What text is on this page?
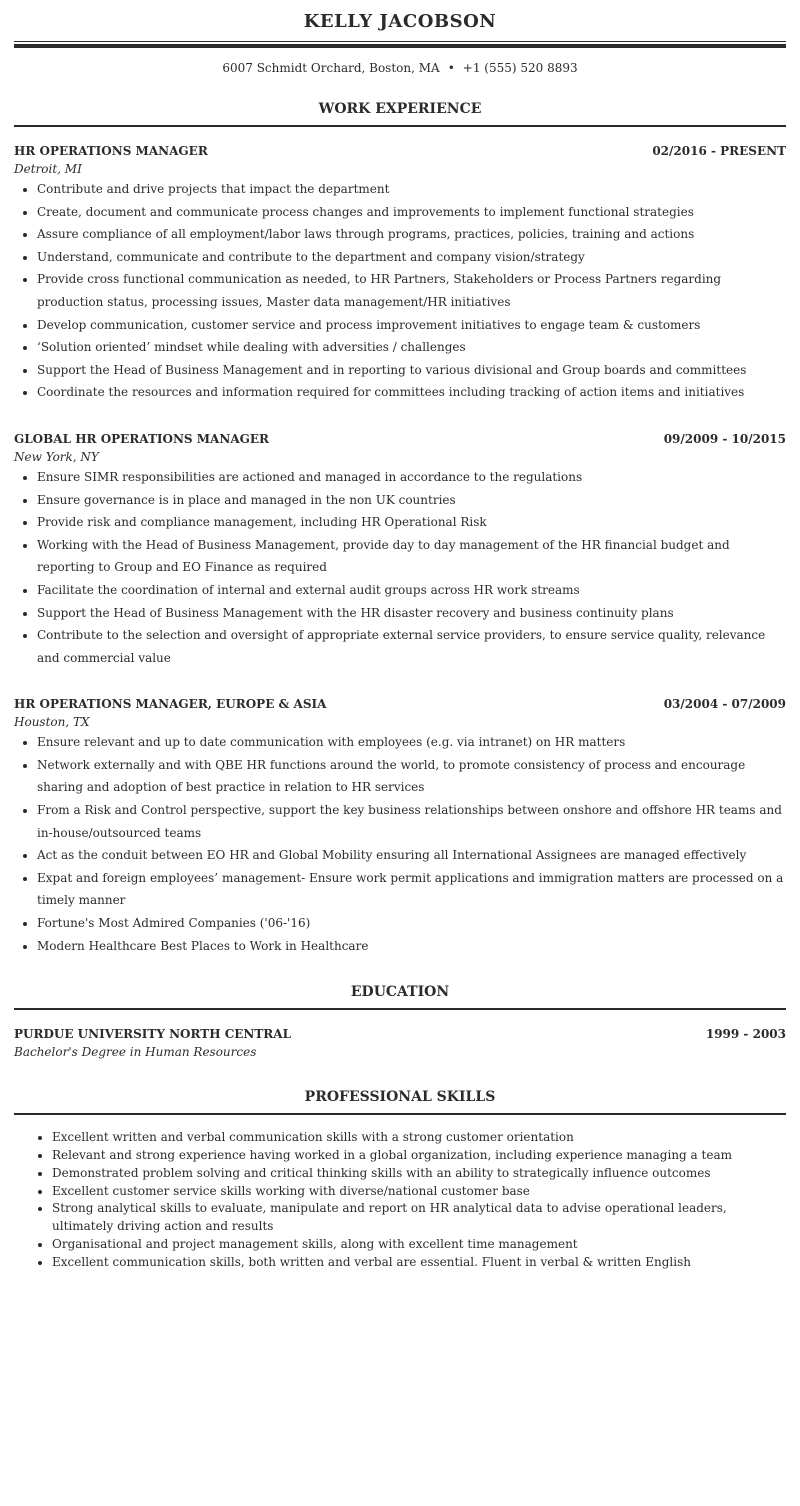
KELLY JACOBSON
6007 Schmidt Orchard, Boston, MA • +1 (555) 520 8893
WORK EXPERIENCE
HR OPERATIONS MANAGER	02/2016 - PRESENT
Detroit, MI
• Contribute and drive projects that impact the department
• Create, document and communicate process changes and improvements to implement functional strategies
• Assure compliance of all employment/labor laws through programs, practices, policies, training and actions
• Understand, communicate and contribute to the department and company vision/strategy
• Provide cross functional communication as needed, to HR Partners, Stakeholders or Process Partners regarding production status, processing issues, Master data management/HR initiatives
• Develop communication, customer service and process improvement initiatives to engage team & customers
• ‘Solution oriented’ mindset while dealing with adversities / challenges
• Support the Head of Business Management and in reporting to various divisional and Group boards and committees
• Coordinate the resources and information required for committees including tracking of action items and initiatives
GLOBAL HR OPERATIONS MANAGER	09/2009 - 10/2015
New York, NY
• Ensure SIMR responsibilities are actioned and managed in accordance to the regulations
• Ensure governance is in place and managed in the non UK countries
• Provide risk and compliance management, including HR Operational Risk
• Working with the Head of Business Management, provide day to day management of the HR financial budget and reporting to Group and EO Finance as required
• Facilitate the coordination of internal and external audit groups across HR work streams
• Support the Head of Business Management with the HR disaster recovery and business continuity plans
• Contribute to the selection and oversight of appropriate external service providers, to ensure service quality, relevance and commercial value
HR OPERATIONS MANAGER, EUROPE & ASIA	03/2004 - 07/2009
Houston, TX
• Ensure relevant and up to date communication with employees (e.g. via intranet) on HR matters
• Network externally and with QBE HR functions around the world, to promote consistency of process and encourage sharing and adoption of best practice in relation to HR services
• From a Risk and Control perspective, support the key business relationships between onshore and offshore HR teams and in-house/outsourced teams
• Act as the conduit between EO HR and Global Mobility ensuring all International Assignees are managed effectively
• Expat and foreign employees’ management- Ensure work permit applications and immigration matters are processed on a timely manner
• Fortune's Most Admired Companies ('06-'16)
• Modern Healthcare Best Places to Work in Healthcare
EDUCATION
PURDUE UNIVERSITY NORTH CENTRAL	1999 - 2003
Bachelor's Degree in Human Resources
PROFESSIONAL SKILLS
• Excellent written and verbal communication skills with a strong customer orientation
• Relevant and strong experience having worked in a global organization, including experience managing a team
• Demonstrated problem solving and critical thinking skills with an ability to strategically influence outcomes
• Excellent customer service skills working with diverse/national customer base
• Strong analytical skills to evaluate, manipulate and report on HR analytical data to advise operational leaders, ultimately driving action and results
• Organisational and project management skills, along with excellent time management
• Excellent communication skills, both written and verbal are essential. Fluent in verbal & written English
